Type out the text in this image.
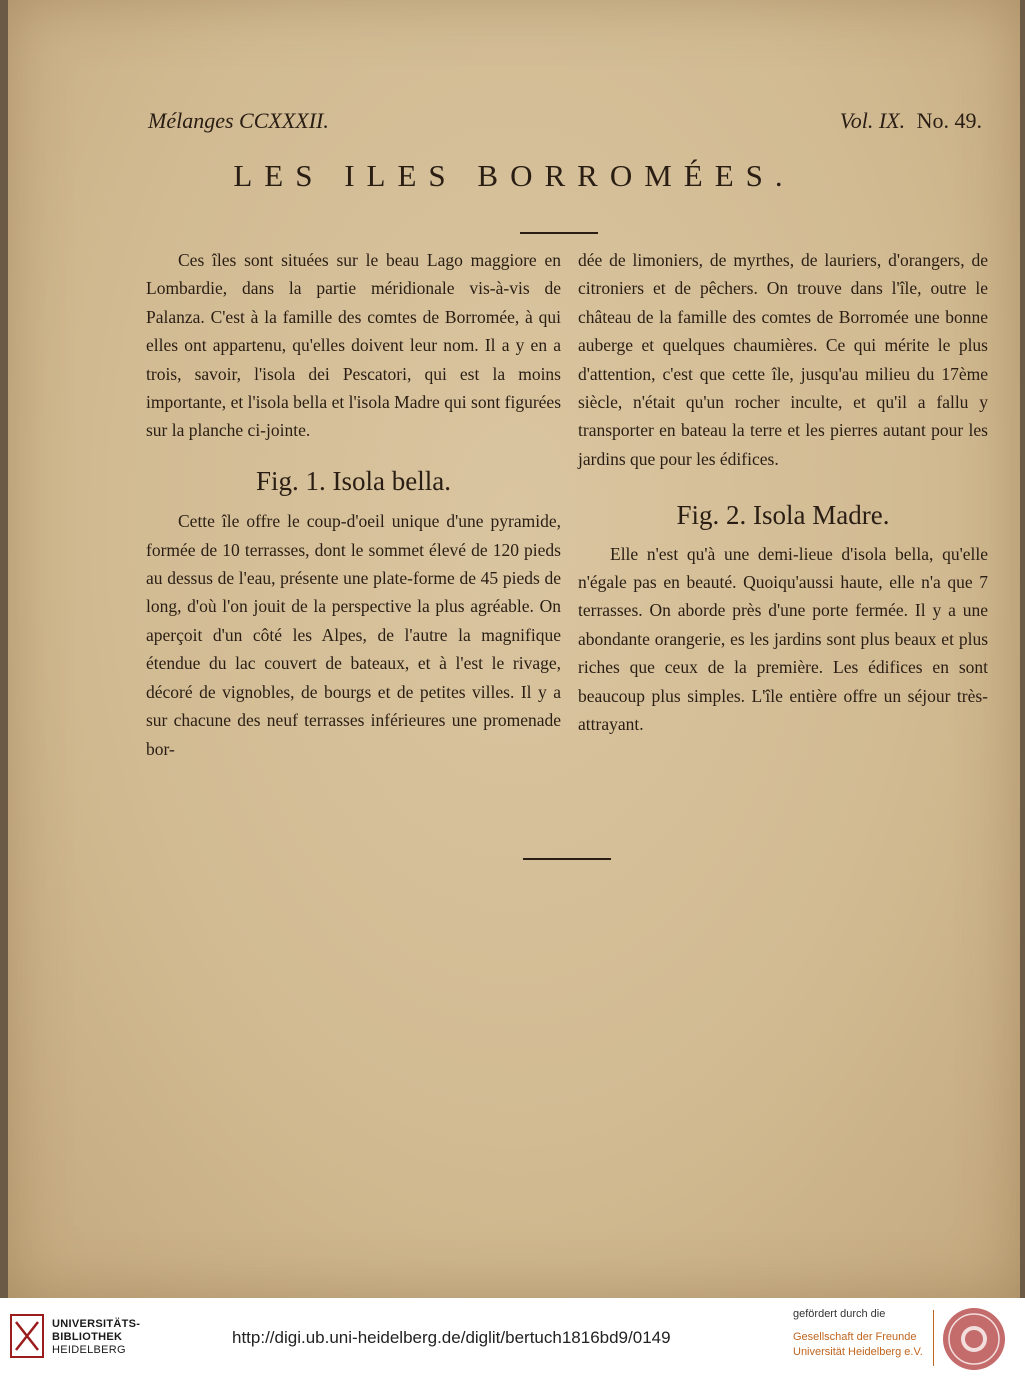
Mélanges CCXXXII.	Vol. IX. No. 49.
LES ILES BORROMÉES.

Ces îles sont situées sur le beau Lago maggiore en Lombardie, dans la partie méridionale vis-à-vis de Palanza. C'est à la famille des comtes de Borromée, à qui elles ont appartenu, qu'elles doivent leur nom. Il a y en a trois, savoir, l'isola dei Pescatori, qui est la moins importante, et l'isola bella et l'isola Madre qui sont figurées sur la planche ci-jointe.

Fig. 1. Isola bella.

Cette île offre le coup-d'oeil unique d'une pyramide, formée de 10 terrasses, dont le sommet élevé de 120 pieds au dessus de l'eau, présente une plate-forme de 45 pieds de long, d'où l'on jouit de la perspective la plus agréable. On aperçoit d'un côté les Alpes, de l'autre la magnifique étendue du lac couvert de bateaux, et à l'est le rivage, décoré de vignobles, de bourgs et de petites villes. Il y a sur chacune des neuf terrasses inférieures une promenade bor-

dée de limoniers, de myrthes, de lauriers, d'orangers, de citroniers et de pêchers. On trouve dans l'île, outre le château de la famille des comtes de Borromée une bonne auberge et quelques chaumières. Ce qui mérite le plus d'attention, c'est que cette île, jusqu'au milieu du 17ème siècle, n'était qu'un rocher inculte, et qu'il a fallu y transporter en bateau la terre et les pierres autant pour les jardins que pour les édifices.

Fig. 2. Isola Madre.

Elle n'est qu'à une demi-lieue d'isola bella, qu'elle n'égale pas en beauté. Quoiqu'aussi haute, elle n'a que 7 terrasses. On aborde près d'une porte fermée. Il y a une abondante orangerie, es les jardins sont plus beaux et plus riches que ceux de la première. Les édifices en sont beaucoup plus simples. L'île entière offre un séjour très-attrayant.

UNIVERSITÄTS-
BIBLIOTHEK
HEIDELBERG
http://digi.ub.uni-heidelberg.de/diglit/bertuch1816bd9/0149
gefördert durch die
Gesellschaft der Freunde
Universität Heidelberg e.V.
